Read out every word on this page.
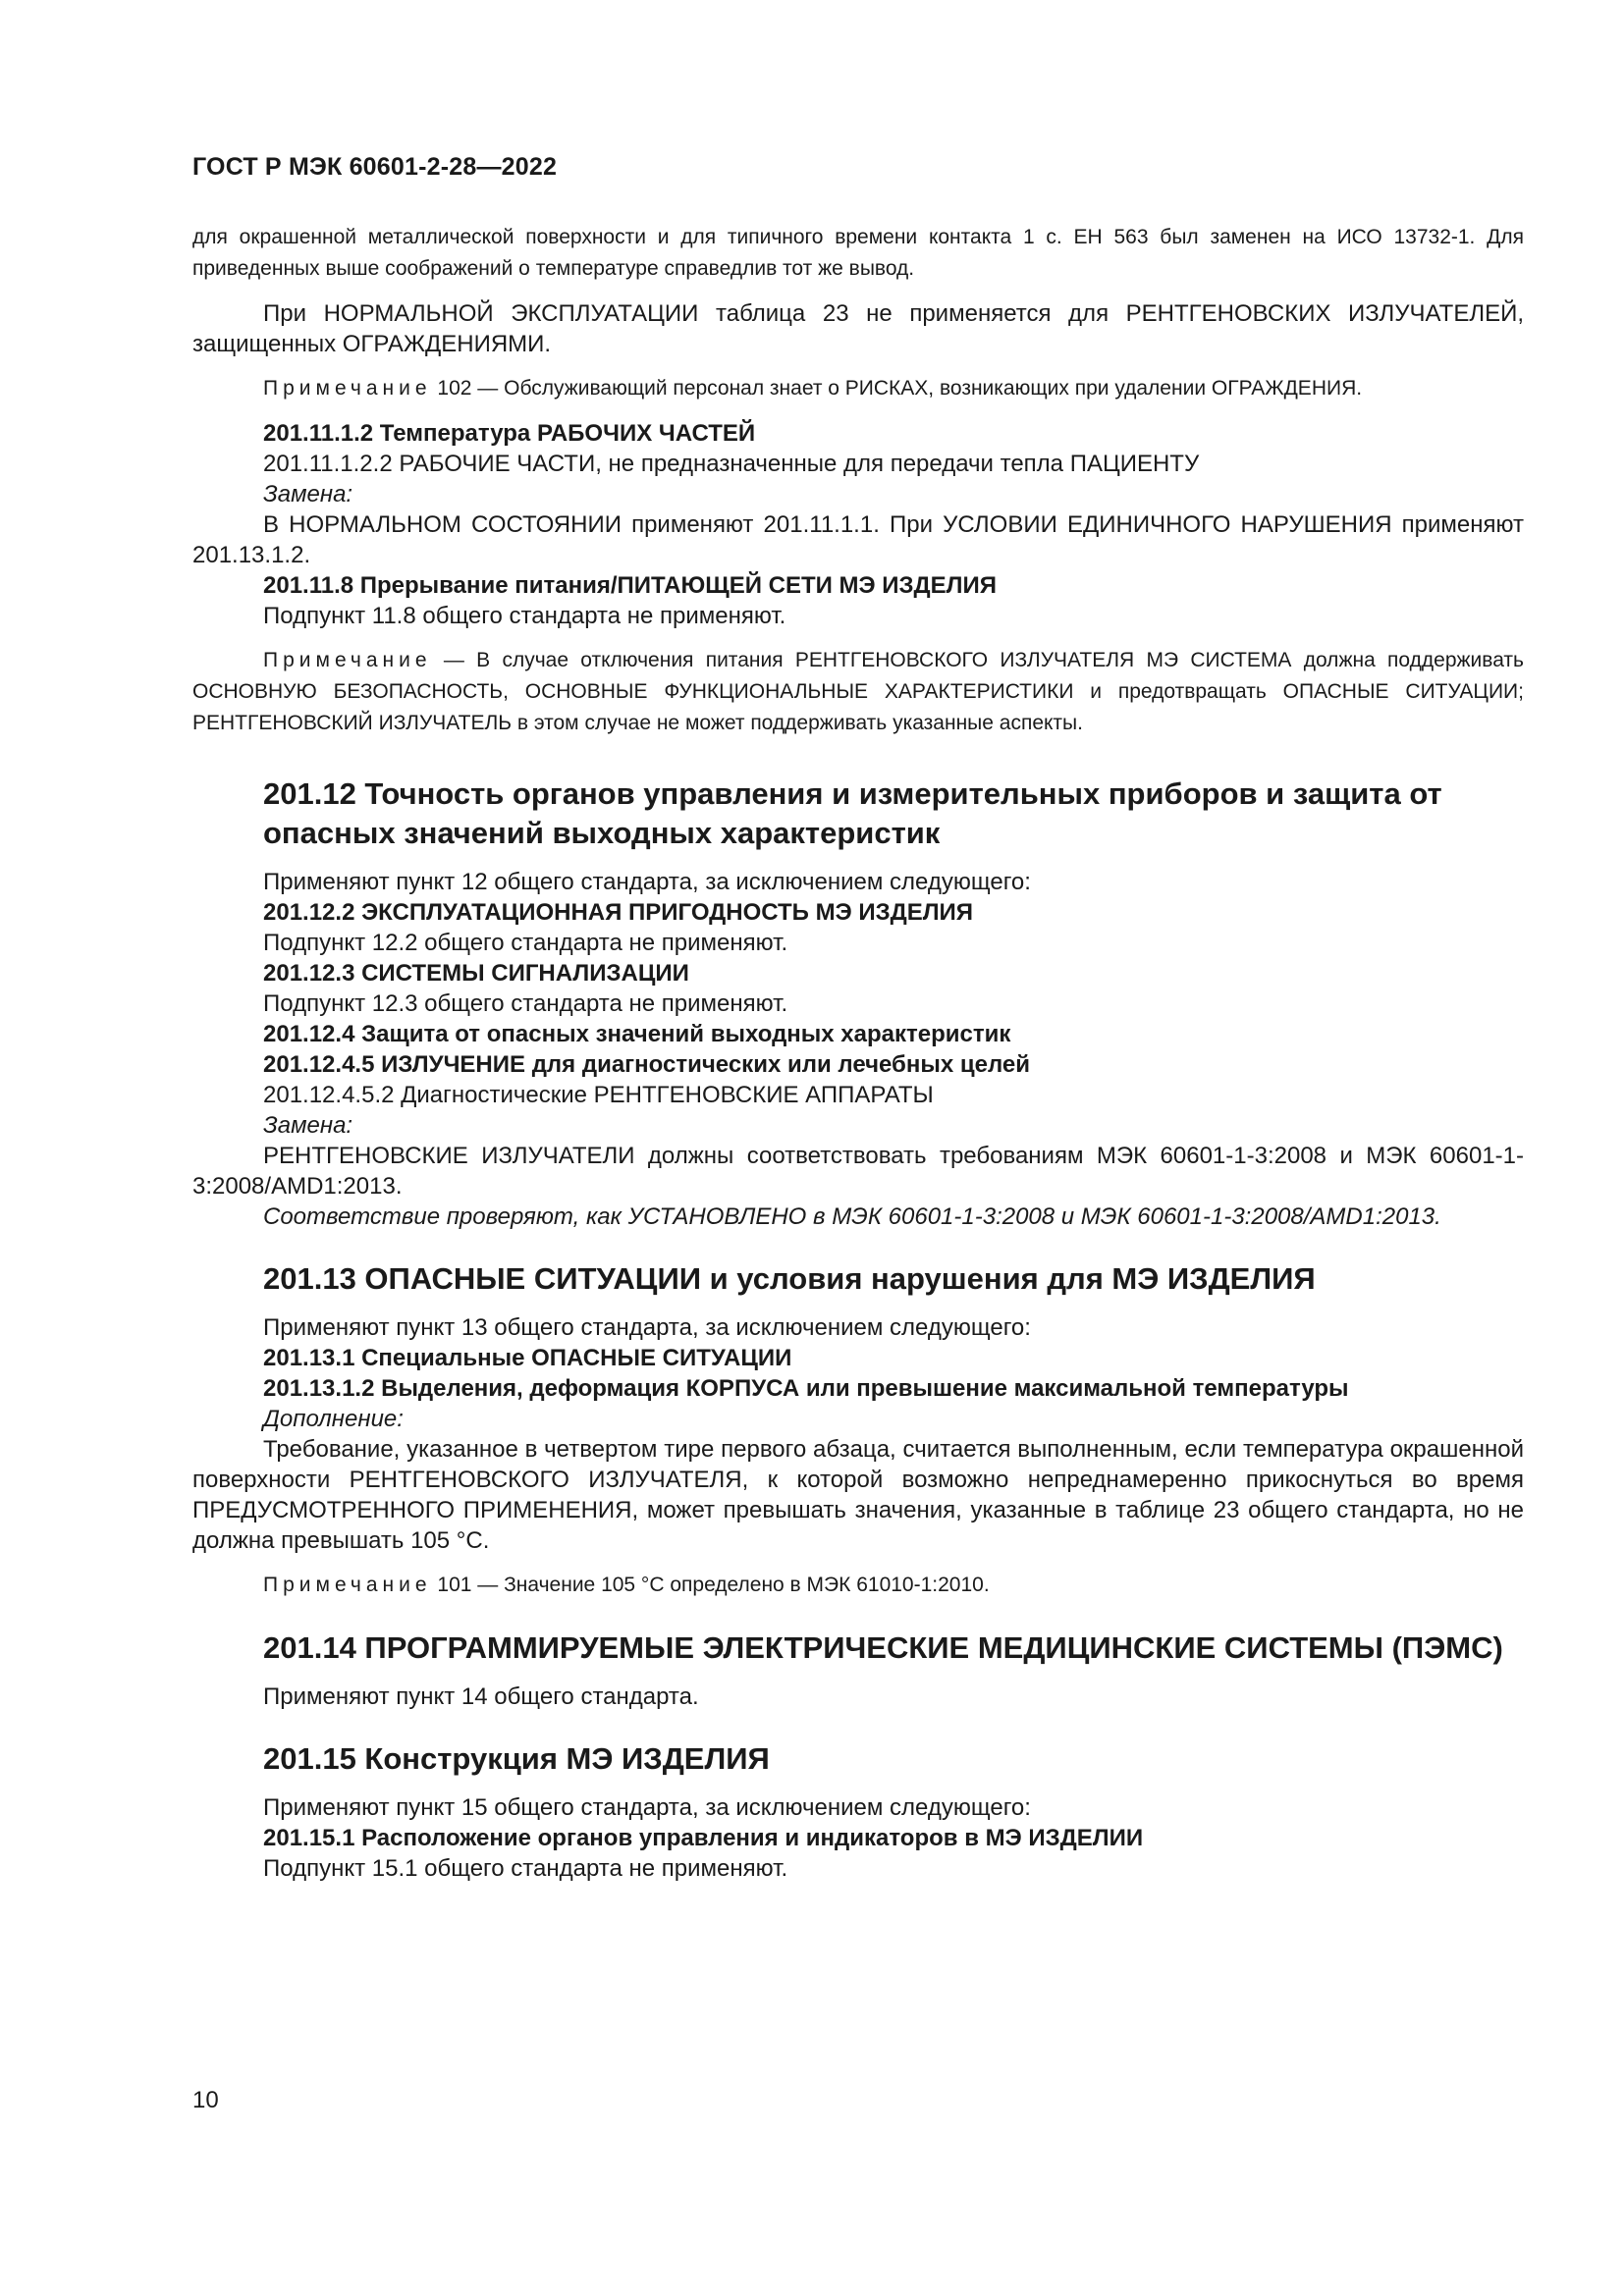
ГОСТ Р МЭК 60601-2-28—2022

для окрашенной металлической поверхности и для типичного времени контакта 1 с. ЕН 563 был заменен на ИСО 13732-1. Для приведенных выше соображений о температуре справедлив тот же вывод.

При НОРМАЛЬНОЙ ЭКСПЛУАТАЦИИ таблица 23 не применяется для РЕНТГЕНОВСКИХ ИЗЛУЧАТЕЛЕЙ, защищенных ОГРАЖДЕНИЯМИ.

Примечание 102 — Обслуживающий персонал знает о РИСКАХ, возникающих при удалении ОГРАЖДЕНИЯ.

201.11.1.2 Температура РАБОЧИХ ЧАСТЕЙ

201.11.1.2.2 РАБОЧИЕ ЧАСТИ, не предназначенные для передачи тепла ПАЦИЕНТУ

Замена:

В НОРМАЛЬНОМ СОСТОЯНИИ применяют 201.11.1.1. При УСЛОВИИ ЕДИНИЧНОГО НАРУШЕНИЯ применяют 201.13.1.2.

201.11.8 Прерывание питания/ПИТАЮЩЕЙ СЕТИ МЭ ИЗДЕЛИЯ

Подпункт 11.8 общего стандарта не применяют.

Примечание — В случае отключения питания РЕНТГЕНОВСКОГО ИЗЛУЧАТЕЛЯ МЭ СИСТЕМА должна поддерживать ОСНОВНУЮ БЕЗОПАСНОСТЬ, ОСНОВНЫЕ ФУНКЦИОНАЛЬНЫЕ ХАРАКТЕРИСТИКИ и предотвращать ОПАСНЫЕ СИТУАЦИИ; РЕНТГЕНОВСКИЙ ИЗЛУЧАТЕЛЬ в этом случае не может поддерживать указанные аспекты.

201.12 Точность органов управления и измерительных приборов и защита от опасных значений выходных характеристик

Применяют пункт 12 общего стандарта, за исключением следующего:

201.12.2 ЭКСПЛУАТАЦИОННАЯ ПРИГОДНОСТЬ МЭ ИЗДЕЛИЯ

Подпункт 12.2 общего стандарта не применяют.

201.12.3 СИСТЕМЫ СИГНАЛИЗАЦИИ

Подпункт 12.3 общего стандарта не применяют.

201.12.4 Защита от опасных значений выходных характеристик

201.12.4.5 ИЗЛУЧЕНИЕ для диагностических или лечебных целей

201.12.4.5.2 Диагностические РЕНТГЕНОВСКИЕ АППАРАТЫ

Замена:

РЕНТГЕНОВСКИЕ ИЗЛУЧАТЕЛИ должны соответствовать требованиям МЭК 60601-1-3:2008 и МЭК 60601-1-3:2008/AMD1:2013.

Соответствие проверяют, как УСТАНОВЛЕНО в МЭК 60601-1-3:2008 и МЭК 60601-1-3:2008/AMD1:2013.

201.13 ОПАСНЫЕ СИТУАЦИИ и условия нарушения для МЭ ИЗДЕЛИЯ

Применяют пункт 13 общего стандарта, за исключением следующего:

201.13.1 Специальные ОПАСНЫЕ СИТУАЦИИ

201.13.1.2 Выделения, деформация КОРПУСА или превышение максимальной температуры

Дополнение:

Требование, указанное в четвертом тире первого абзаца, считается выполненным, если температура окрашенной поверхности РЕНТГЕНОВСКОГО ИЗЛУЧАТЕЛЯ, к которой возможно непреднамеренно прикоснуться во время ПРЕДУСМОТРЕННОГО ПРИМЕНЕНИЯ, может превышать значения, указанные в таблице 23 общего стандарта, но не должна превышать 105 °C.

Примечание 101 — Значение 105 °C определено в МЭК 61010-1:2010.

201.14 ПРОГРАММИРУЕМЫЕ ЭЛЕКТРИЧЕСКИЕ МЕДИЦИНСКИЕ СИСТЕМЫ (ПЭМС)

Применяют пункт 14 общего стандарта.

201.15 Конструкция МЭ ИЗДЕЛИЯ

Применяют пункт 15 общего стандарта, за исключением следующего:

201.15.1 Расположение органов управления и индикаторов в МЭ ИЗДЕЛИИ

Подпункт 15.1 общего стандарта не применяют.

10
